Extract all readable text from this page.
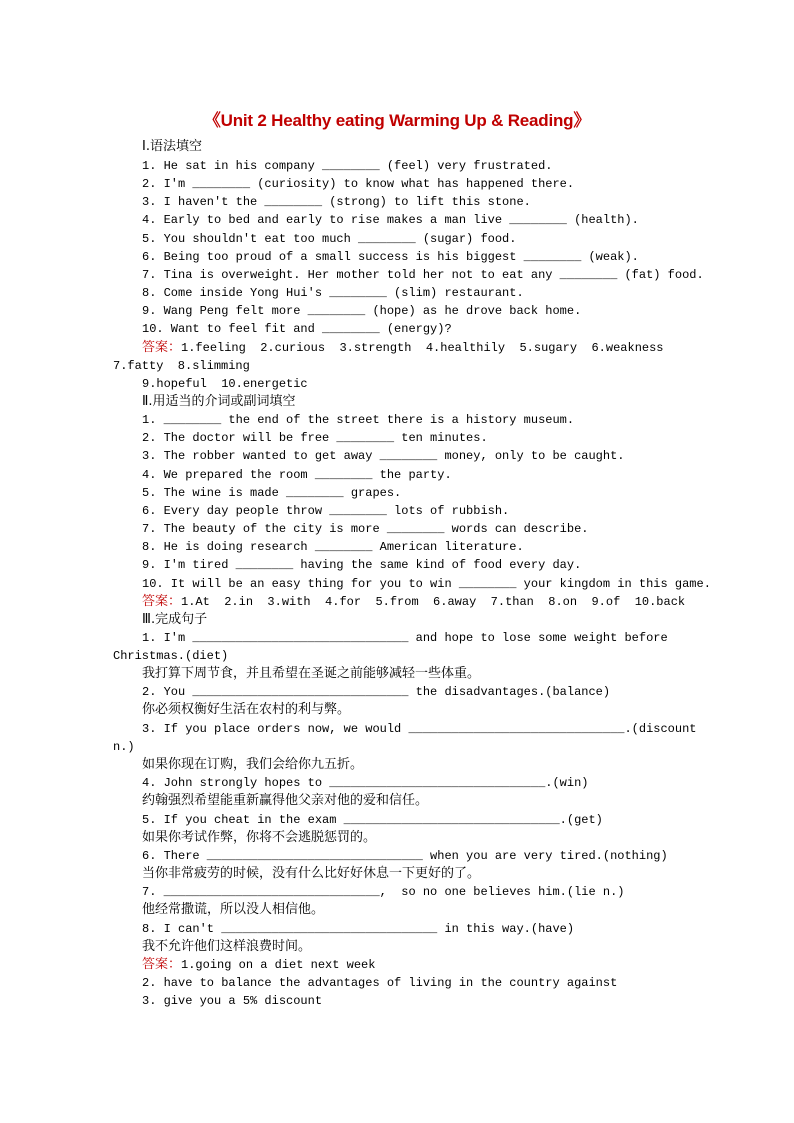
《Unit 2 Healthy eating Warming Up & Reading》
Ⅰ.语法填空
1. He sat in his company ________ (feel) very frustrated.
2. I'm ________ (curiosity) to know what has happened there.
3. I haven't the ________ (strong) to lift this stone.
4. Early to bed and early to rise makes a man live ________ (health).
5. You shouldn't eat too much ________ (sugar) food.
6. Being too proud of a small success is his biggest ________ (weak).
7. Tina is overweight. Her mother told her not to eat any ________ (fat) food.
8. Come inside Yong Hui's ________ (slim) restaurant.
9. Wang Peng felt more ________ (hope) as he drove back home.
10. Want to feel fit and ________ (energy)?
答案：1.feeling  2.curious  3.strength  4.healthily  5.sugary  6.weakness
7.fatty  8.slimming
9.hopeful  10.energetic
Ⅱ.用适当的介词或副词填空
1. ________ the end of the street there is a history museum.
2. The doctor will be free ________ ten minutes.
3. The robber wanted to get away ________ money, only to be caught.
4. We prepared the room ________ the party.
5. The wine is made ________ grapes.
6. Every day people throw ________ lots of rubbish.
7. The beauty of the city is more ________ words can describe.
8. He is doing research ________ American literature.
9. I'm tired ________ having the same kind of food every day.
10. It will be an easy thing for you to win ________ your kingdom in this game.
答案：1.At  2.in  3.with  4.for  5.from  6.away  7.than  8.on  9.of  10.back
Ⅲ.完成句子
1. I'm ______________________________ and hope to lose some weight before
Christmas.(diet)
我打算下周节食，并且希望在圣诞之前能够减轻一些体重。
2. You ______________________________ the disadvantages.(balance)
你必须权衡好生活在农村的利与弊。
3. If you place orders now, we would ______________________________.(discount
n.)
如果你现在订购，我们会给你九五折。
4. John strongly hopes to ______________________________.(win)
约翰强烈希望能重新赢得他父亲对他的爱和信任。
5. If you cheat in the exam ______________________________.(get)
如果你考试作弊，你将不会逃脱惩罚的。
6. There ______________________________ when you are very tired.(nothing)
当你非常疲劳的时候，没有什么比好好休息一下更好的了。
7. ______________________________,  so no one believes him.(lie n.)
他经常撒谎，所以没人相信他。
8. I can't ______________________________ in this way.(have)
我不允许他们这样浪费时间。
答案：1.going on a diet next week
2. have to balance the advantages of living in the country against
3. give you a 5% discount
